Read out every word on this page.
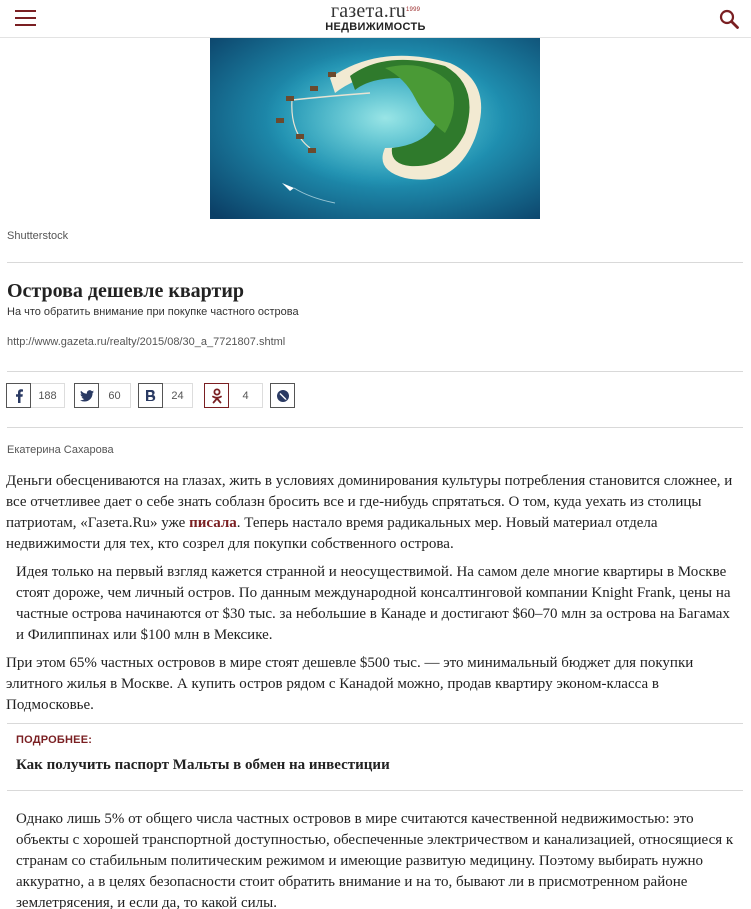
$газета.ru^{1999}$
НЕДВИЖИМОСТЬ
Shutterstock
Острова дешевле квартир
На что обратить внимание при покупке частного острова
http://www.gazeta.ru/realty/2015/08/30_a_7721807.shtml
188	60	24	4
Екатерина Сахарова

Деньги обесцениваются на глазах, жить в условиях доминирования культуры потребления становится сложнее, и все отчетливее дает о себе знать соблазн бросить все и где-нибудь спрятаться. О том, куда уехать из столицы патриотам, «Газета.Ru» уже писала. Теперь настало время радикальных мер. Новый материал отдела недвижимости для тех, кто созрел для покупки собственного острова.

Идея только на первый взгляд кажется странной и неосуществимой. На самом деле многие квартиры в Москве стоят дороже, чем личный остров. По данным международной консалтинговой компании Knight Frank, цены на частные острова начинаются от $30 тыс. за небольшие в Канаде и достигают $60–70 млн за острова на Багамах и Филиппинах или $100 млн в Мексике.

При этом 65% частных островов в мире стоят дешевле $500 тыс. — это минимальный бюджет для покупки элитного жилья в Москве. А купить остров рядом с Канадой можно, продав квартиру эконом-класса в Подмосковье.

ПОДРОБНЕЕ:
Как получить паспорт Мальты в обмен на инвестиции

Однако лишь 5% от общего числа частных островов в мире считаются качественной недвижимостью: это объекты с хорошей транспортной доступностью, обеспеченные электричеством и канализацией, относящиеся к странам со стабильным политическим режимом и имеющие развитую медицину. Поэтому выбирать нужно аккуратно, а в целях безопасности стоит обратить внимание и на то, бывают ли в присмотренном районе землетрясения, и если да, то какой силы.
